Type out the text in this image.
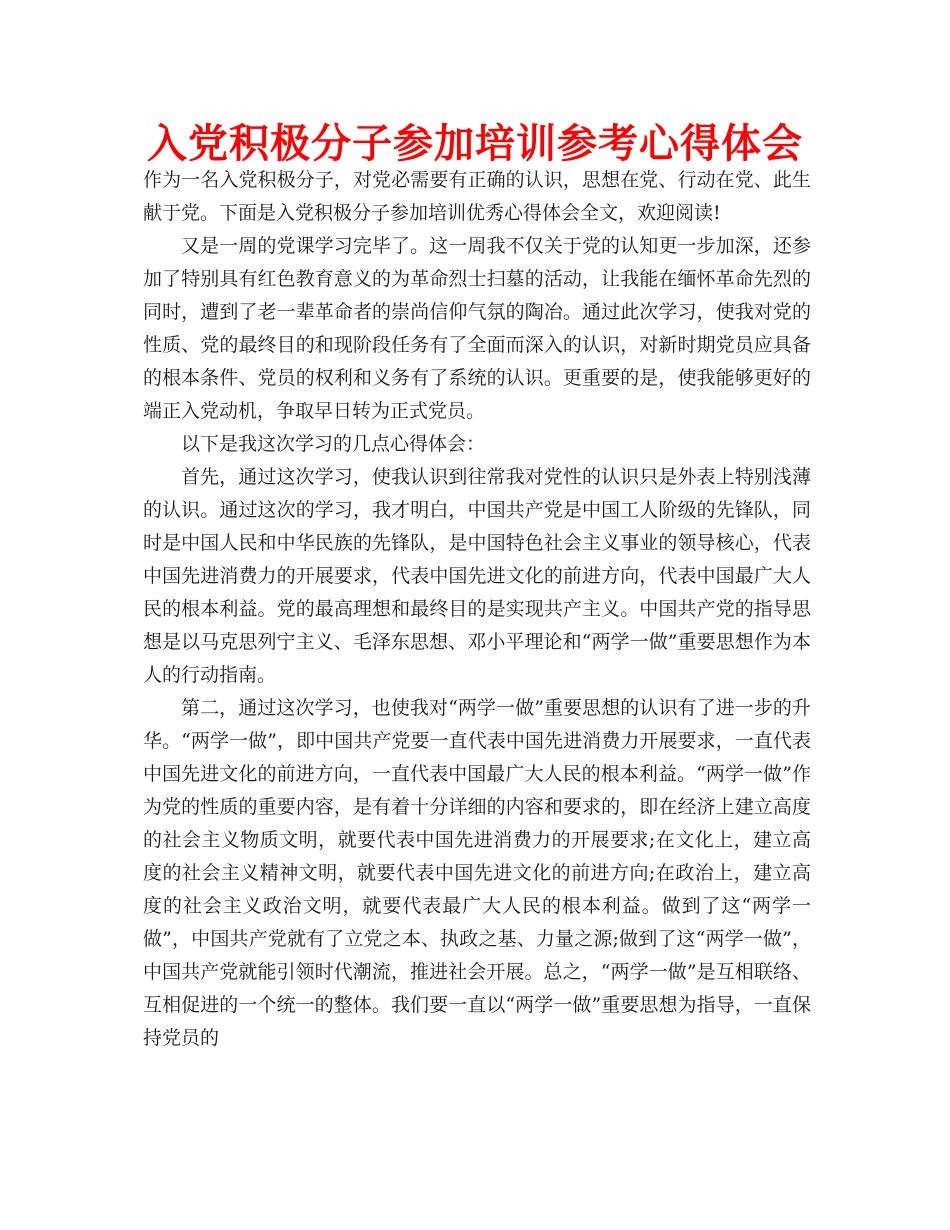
入党积极分子参加培训参考心得体会

作为一名入党积极分子，对党必需要有正确的认识，思想在党、行动在党、此生献于党。下面是入党积极分子参加培训优秀心得体会全文，欢迎阅读!

又是一周的党课学习完毕了。这一周我不仅关于党的认知更一步加深，还参加了特别具有红色教育意义的为革命烈士扫墓的活动，让我能在缅怀革命先烈的同时，遭到了老一辈革命者的崇尚信仰气氛的陶冶。通过此次学习，使我对党的性质、党的最终目的和现阶段任务有了全面而深入的认识，对新时期党员应具备的根本条件、党员的权利和义务有了系统的认识。更重要的是，使我能够更好的端正入党动机，争取早日转为正式党员。

以下是我这次学习的几点心得体会：

首先，通过这次学习，使我认识到往常我对党性的认识只是外表上特别浅薄的认识。通过这次的学习，我才明白，中国共产党是中国工人阶级的先锋队，同时是中国人民和中华民族的先锋队，是中国特色社会主义事业的领导核心，代表中国先进消费力的开展要求，代表中国先进文化的前进方向，代表中国最广大人民的根本利益。党的最高理想和最终目的是实现共产主义。中国共产党的指导思想是以马克思列宁主义、毛泽东思想、邓小平理论和“两学一做”重要思想作为本人的行动指南。

第二，通过这次学习，也使我对“两学一做”重要思想的认识有了进一步的升华。“两学一做”，即中国共产党要一直代表中国先进消费力开展要求，一直代表中国先进文化的前进方向，一直代表中国最广大人民的根本利益。“两学一做”作为党的性质的重要内容，是有着十分详细的内容和要求的，即在经济上建立高度的社会主义物质文明，就要代表中国先进消费力的开展要求;在文化上，建立高度的社会主义精神文明，就要代表中国先进文化的前进方向;在政治上，建立高度的社会主义政治文明，就要代表最广大人民的根本利益。做到了这“两学一做”，中国共产党就有了立党之本、执政之基、力量之源;做到了这“两学一做”，中国共产党就能引领时代潮流，推进社会开展。总之，“两学一做”是互相联络、互相促进的一个统一的整体。我们要一直以“两学一做”重要思想为指导，一直保持党员的
